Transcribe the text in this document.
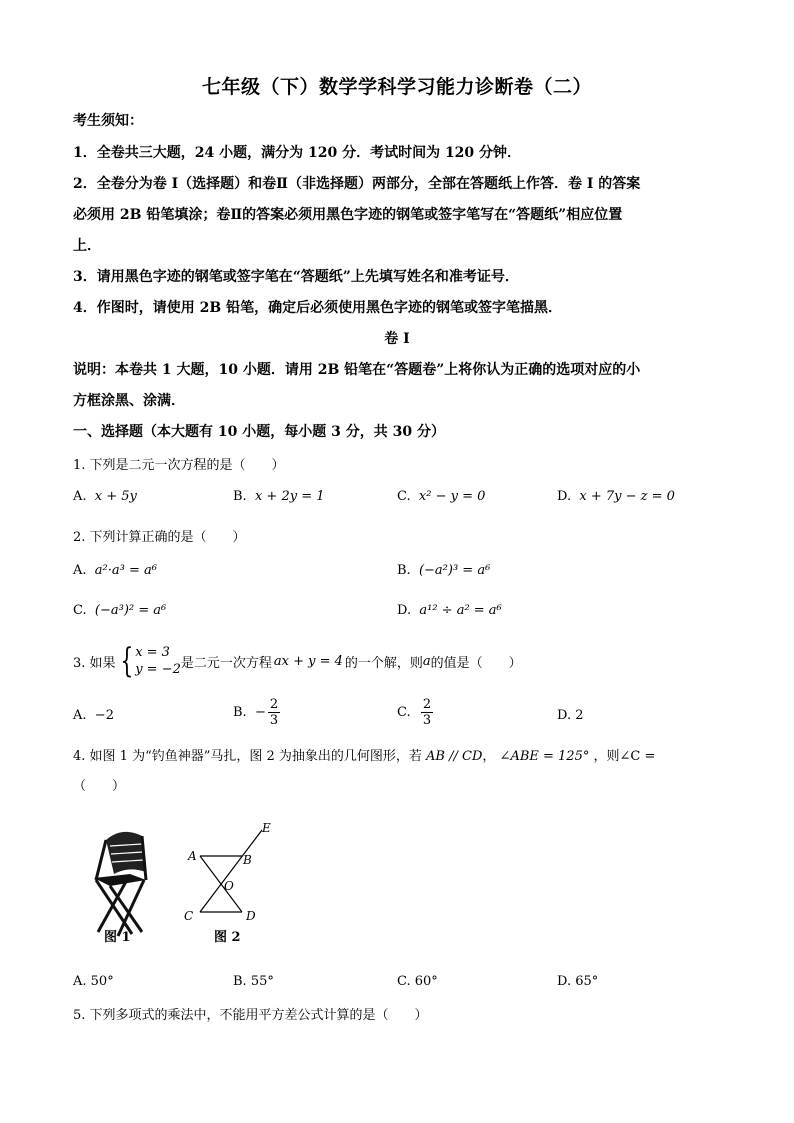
七年级（下）数学学科学习能力诊断卷（二）
考生须知：
1．全卷共三大题，24 小题，满分为 120 分．考试时间为 120 分钟．
2．全卷分为卷 Ⅰ（选择题）和卷Ⅱ（非选择题）两部分，全部在答题纸上作答．卷 Ⅰ 的答案
必须用 2B 铅笔填涂；卷Ⅱ的答案必须用黑色字迹的钢笔或签字笔写在“答题纸”相应位置
上．
3．请用黑色字迹的钢笔或签字笔在“答题纸”上先填写姓名和准考证号．
4．作图时，请使用 2B 铅笔，确定后必须使用黑色字迹的钢笔或签字笔描黑．
卷 I
说明：本卷共 1 大题，10 小题．请用 2B 铅笔在“答题卷”上将你认为正确的选项对应的小
方框涂黑、涂满．
一、选择题（本大题有 10 小题，每小题 3 分，共 30 分）
1. 下列是二元一次方程的是（　　）
A. x + 5y	B. x + 2y = 1	C. x² − y = 0	D. x + 7y − z = 0
2. 下列计算正确的是（　　）
A. a²·a³ = a⁶	B. (−a²)³ = a⁶
C. (−a³)² = a⁶	D. a¹² ÷ a² = a⁶
3. 如果 { x = 3
y = −2 是二元一次方程 ax + y = 4 的一个解，则 a 的值是（　　）
A. −2	B. − $\frac{2}{3}$	C.
$\frac{2}{3}$	D. 2
4. 如图 1 为“钓鱼神器”马扎，图 2 为抽象出的几何图形，若 AB // CD， ∠ABE = 125° ，则∠C =
（　　）
图 1
A	B
C	D
E
O
图 2
A. 50°	B. 55°	C. 60°	D. 65°
5. 下列多项式的乘法中，不能用平方差公式计算的是（　　）
